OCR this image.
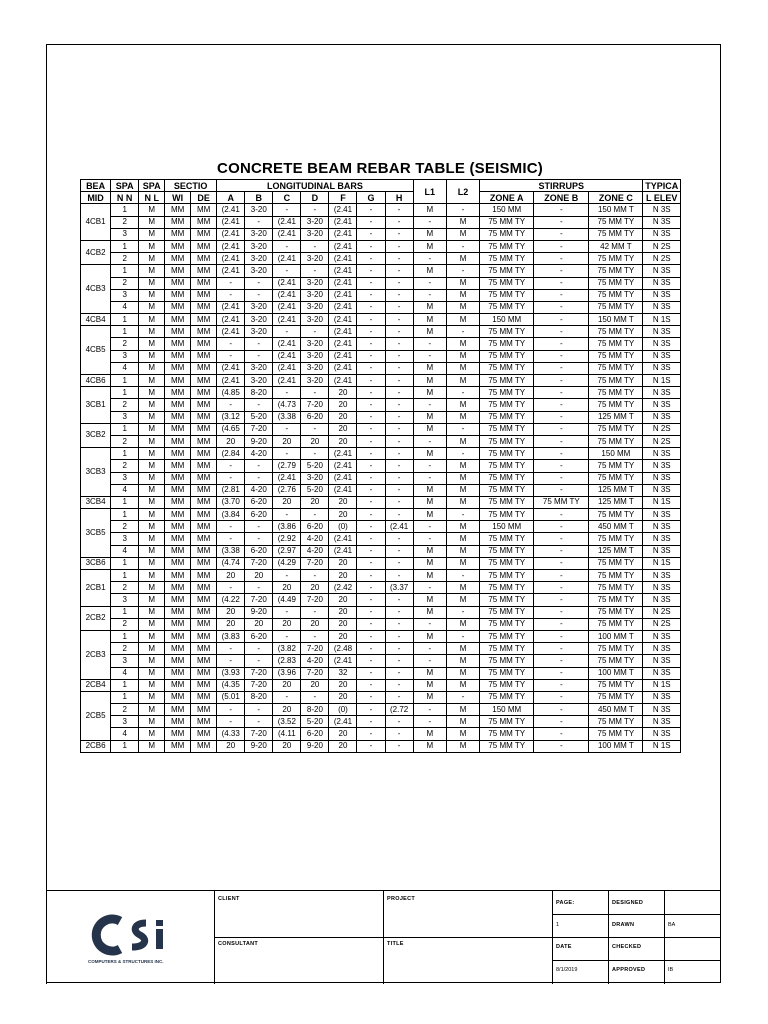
CONCRETE BEAM REBAR TABLE (SEISMIC)
BEA	SPA	SPA	SECTIO		LONGITUDINAL BARS							L1	L2	STIRRUPS			TYPICA
MID	N N	N L	WI	DE	A	B	C	D	F	G	H			ZONE A	ZONE B	ZONE C	L ELEV
4CB1	1	M	MM	MM	(2.41	3-20	-	-	(2.41	-	-	M	-	150 MM	-	150 MM T	N 3S
	2	M	MM	MM	(2.41	-	(2.41	3-20	(2.41	-	-	-	M	75 MM TY	-	75 MM TY	N 3S
	3	M	MM	MM	(2.41	3-20	(2.41	3-20	(2.41	-	-	M	M	75 MM TY	-	75 MM TY	N 3S
4CB2	1	M	MM	MM	(2.41	3-20	-	-	(2.41	-	-	M	-	75 MM TY	-	42 MM T	N 2S
	2	M	MM	MM	(2.41	3-20	(2.41	3-20	(2.41	-	-	-	M	75 MM TY	-	75 MM TY	N 2S
4CB3	1	M	MM	MM	(2.41	3-20	-	-	(2.41	-	-	M	-	75 MM TY	-	75 MM TY	N 3S
	2	M	MM	MM	-	-	(2.41	3-20	(2.41	-	-	-	M	75 MM TY	-	75 MM TY	N 3S
	3	M	MM	MM	-	-	(2.41	3-20	(2.41	-	-	-	M	75 MM TY	-	75 MM TY	N 3S
	4	M	MM	MM	(2.41	3-20	(2.41	3-20	(2.41	-	-	M	M	75 MM TY	-	75 MM TY	N 3S
4CB4	1	M	MM	MM	(2.41	3-20	(2.41	3-20	(2.41	-	-	M	M	150 MM	-	150 MM T	N 1S
4CB5	1	M	MM	MM	(2.41	3-20	-	-	(2.41	-	-	M	-	75 MM TY	-	75 MM TY	N 3S
	2	M	MM	MM	-	-	(2.41	3-20	(2.41	-	-	-	M	75 MM TY	-	75 MM TY	N 3S
	3	M	MM	MM	-	-	(2.41	3-20	(2.41	-	-	-	M	75 MM TY	-	75 MM TY	N 3S
	4	M	MM	MM	(2.41	3-20	(2.41	3-20	(2.41	-	-	M	M	75 MM TY	-	75 MM TY	N 3S
4CB6	1	M	MM	MM	(2.41	3-20	(2.41	3-20	(2.41	-	-	M	M	75 MM TY	-	75 MM TY	N 1S
3CB1	1	M	MM	MM	(4.85	8-20	-	-	20	-	-	M	-	75 MM TY	-	75 MM TY	N 3S
	2	M	MM	MM	-	-	(4.73	7-20	20	-	-	-	M	75 MM TY	-	75 MM TY	N 3S
	3	M	MM	MM	(3.12	5-20	(3.38	6-20	20	-	-	M	M	75 MM TY	-	125 MM T	N 3S
3CB2	1	M	MM	MM	(4.65	7-20	-	-	20	-	-	M	-	75 MM TY	-	75 MM TY	N 2S
	2	M	MM	MM	20	9-20	20	20	20	-	-	-	M	75 MM TY	-	75 MM TY	N 2S
3CB3	1	M	MM	MM	(2.84	4-20	-	-	(2.41	-	-	M	-	75 MM TY	-	150 MM	N 3S
	2	M	MM	MM	-	-	(2.79	5-20	(2.41	-	-	-	M	75 MM TY	-	75 MM TY	N 3S
	3	M	MM	MM	-	-	(2.41	3-20	(2.41	-	-	-	M	75 MM TY	-	75 MM TY	N 3S
	4	M	MM	MM	(2.81	4-20	(2.76	5-20	(2.41	-	-	M	M	75 MM TY	-	125 MM T	N 3S
3CB4	1	M	MM	MM	(3.70	6-20	20	20	20	-	-	M	M	75 MM TY	75 MM TY	125 MM T	N 1S
3CB5	1	M	MM	MM	(3.84	6-20	-	-	20	-	-	M	-	75 MM TY	-	75 MM TY	N 3S
	2	M	MM	MM	-	-	(3.86	6-20	(0)	-	(2.41	-	M	150 MM	-	450 MM T	N 3S
	3	M	MM	MM	-	-	(2.92	4-20	(2.41	-	-	-	M	75 MM TY	-	75 MM TY	N 3S
	4	M	MM	MM	(3.38	6-20	(2.97	4-20	(2.41	-	-	M	M	75 MM TY	-	125 MM T	N 3S
3CB6	1	M	MM	MM	(4.74	7-20	(4.29	7-20	20	-	-	M	M	75 MM TY	-	75 MM TY	N 1S
2CB1	1	M	MM	MM	20	20	-	-	20	-	-	M	-	75 MM TY	-	75 MM TY	N 3S
	2	M	MM	MM	-	-	20	20	(2.42	-	(3.37	-	M	75 MM TY	-	75 MM TY	N 3S
	3	M	MM	MM	(4.22	7-20	(4.49	7-20	20	-	-	M	M	75 MM TY	-	75 MM TY	N 3S
2CB2	1	M	MM	MM	20	9-20	-	-	20	-	-	M	-	75 MM TY	-	75 MM TY	N 2S
	2	M	MM	MM	20	20	20	20	20	-	-	-	M	75 MM TY	-	75 MM TY	N 2S
2CB3	1	M	MM	MM	(3.83	6-20	-	-	20	-	-	M	-	75 MM TY	-	100 MM T	N 3S
	2	M	MM	MM	-	-	(3.82	7-20	(2.48	-	-	-	M	75 MM TY	-	75 MM TY	N 3S
	3	M	MM	MM	-	-	(2.83	4-20	(2.41	-	-	-	M	75 MM TY	-	75 MM TY	N 3S
	4	M	MM	MM	(3.93	7-20	(3.96	7-20	32	-	-	M	M	75 MM TY	-	100 MM T	N 3S
2CB4	1	M	MM	MM	(4.35	7-20	20	20	20	-	-	M	M	75 MM TY	-	75 MM TY	N 1S
2CB5	1	M	MM	MM	(5.01	8-20	-	-	20	-	-	M	-	75 MM TY	-	75 MM TY	N 3S
	2	M	MM	MM	-	-	20	8-20	(0)	-	(2.72	-	M	150 MM	-	450 MM T	N 3S
	3	M	MM	MM	-	-	(3.52	5-20	(2.41	-	-	-	M	75 MM TY	-	75 MM TY	N 3S
	4	M	MM	MM	(4.33	7-20	(4.11	6-20	20	-	-	M	M	75 MM TY	-	75 MM TY	N 3S
2CB6	1	M	MM	MM	20	9-20	20	9-20	20	-	-	M	M	75 MM TY	-	100 MM T	N 1S
COMPUTERS & STRUCTURES INC.
CLIENT	PROJECT
CONSULTANT	TITLE
PAGE:	DESIGNED
1	DRAWN	BA
DATE	CHECKED
8/1/2019	APPROVED	IB
